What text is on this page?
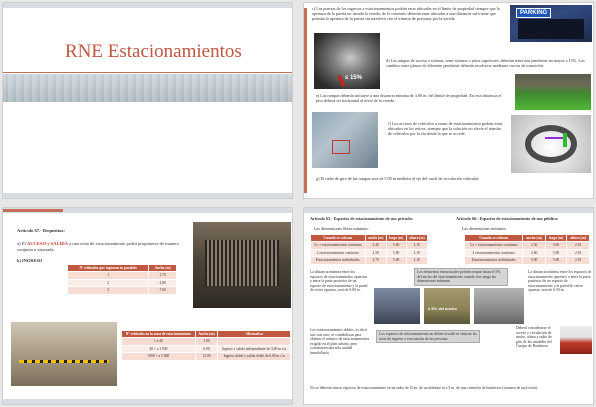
RNE Estacionamientos
c) Las puertas de los ingresos a estacionamientos podrán estar ubicadas en el límite de propiedad siempre que la apertura de la puerta no invada la vereda, de lo contrario deberán estar ubicadas a una distancia suficiente que permita la apertura de la puerta sin interferir con el tránsito de personas por la vereda.
PARKING
≤ 15%
d) Las rampas de acceso a sótanos, semi-sótanos o pisos superiores, deberán tener una pendiente no mayor a 15%. Los cambios entre planos de diferente pendiente deberán resolverse mediante curvas de transición.
e) Las rampas deberán iniciarse a una distancia mínima de 3.00 m. del límite de propiedad. En esta distancia el piso deberá ser horizontal al nivel de la vereda.
f) Los accesos de vehículos a zonas de estacionamiento podrán estar ubicados en los retiros, siempre que la solución no afecte el tránsito de vehículos por la vía desde la que se accede.
g) El radio de giro de las rampas será de 5.00 m medidos al eje del carril de circulación vehicular.
Artículo 67.- Requisitos:
a) El ACCESO y SALIDA a una zona de estacionamiento podrá proponerse de manera conjunta o separada.
b) INGRESO
Nº vehículos que ingresan en paralelo	Ancho (m)
1	2.70
2	4.80
3	7.00
Nº vehículos en la zona de estacionamiento	Ancho (m)	Alternativa
1 a 40	3.00	
40 + a 1 000	6.00	Ingreso y salida independiente de 3.00 m c/u
1000 + a 5 000	12.00	Ingreso doble y salida doble de 6.00 m c/u
Artículo 65.- Espacios de estacionamiento de uso privado:	Artículo 66.- Espacios de estacionamiento de uso público:
Las dimensiones libres mínimas:	Las dimensiones mínimas:
Cuando se colocan	ancho (m)	largo (m)	altura (m)
3 o + estacionamientos continuos	2.40	5.00	2.10
2 estacionamientos continuos	2.50	5.00	2.10
Estacionamientos individuales	2.70	5.00	2.10
Cuando se colocan	ancho (m)	largo (m)	altura (m)
3 o + estacionamientos continuos	2.50	5.00	2.10
2 estacionamientos continuos	2.60	5.00	2.10
Estacionamientos individuales	3.00	5.00	2.10
La distancia mínima entre los espacios de estacionamiento opuestos o entre la parte posterior de un espacio de estacionamiento y la pared de cierre opuesta, será de 6.00 m.
Los elementos estructurales podrán ocupar hasta el 5% del ancho del estacionamiento cuando este tenga las dimensiones mínimas
La distancia mínima entre los espacios de estacionamiento opuestos o entre la parte posterior de un espacio de estacionamiento y la pared de cierre opuesta, será de 6.50 m.
≤ 5% del ancho
Los estacionamientos dobles, es decir uno tras otro, se contabilizan para obtener el número de estacionamientos exigido en el plan urbano, pero constituyen una sola unidad inmobiliaria.
Los espacios de estacionamiento no deben invadir ni obstruir las rutas de ingreso o evacuación de las personas.
Deberá considerarse el acceso y circulación de ancho, altura y radio de giro de las unidades del Cuerpo de Bomberos
No se deberán ubicar espacios de estacionamiento en un radio de 10 m. de un hidrante ni a 3 m. de una conexión de bomberos (siamesa de inyección).
